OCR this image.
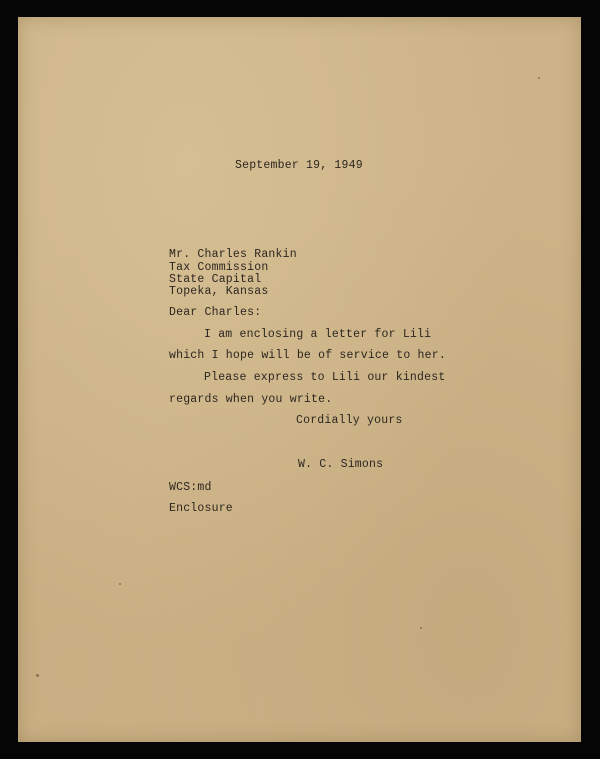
September 19, 1949
Mr. Charles Rankin
Tax Commission
State Capital
Topeka, Kansas
Dear Charles:
I am enclosing a letter for Lili
which I hope will be of service to her.
Please express to Lili our kindest
regards when you write.
Cordially yours
W. C. Simons
WCS:md
Enclosure
